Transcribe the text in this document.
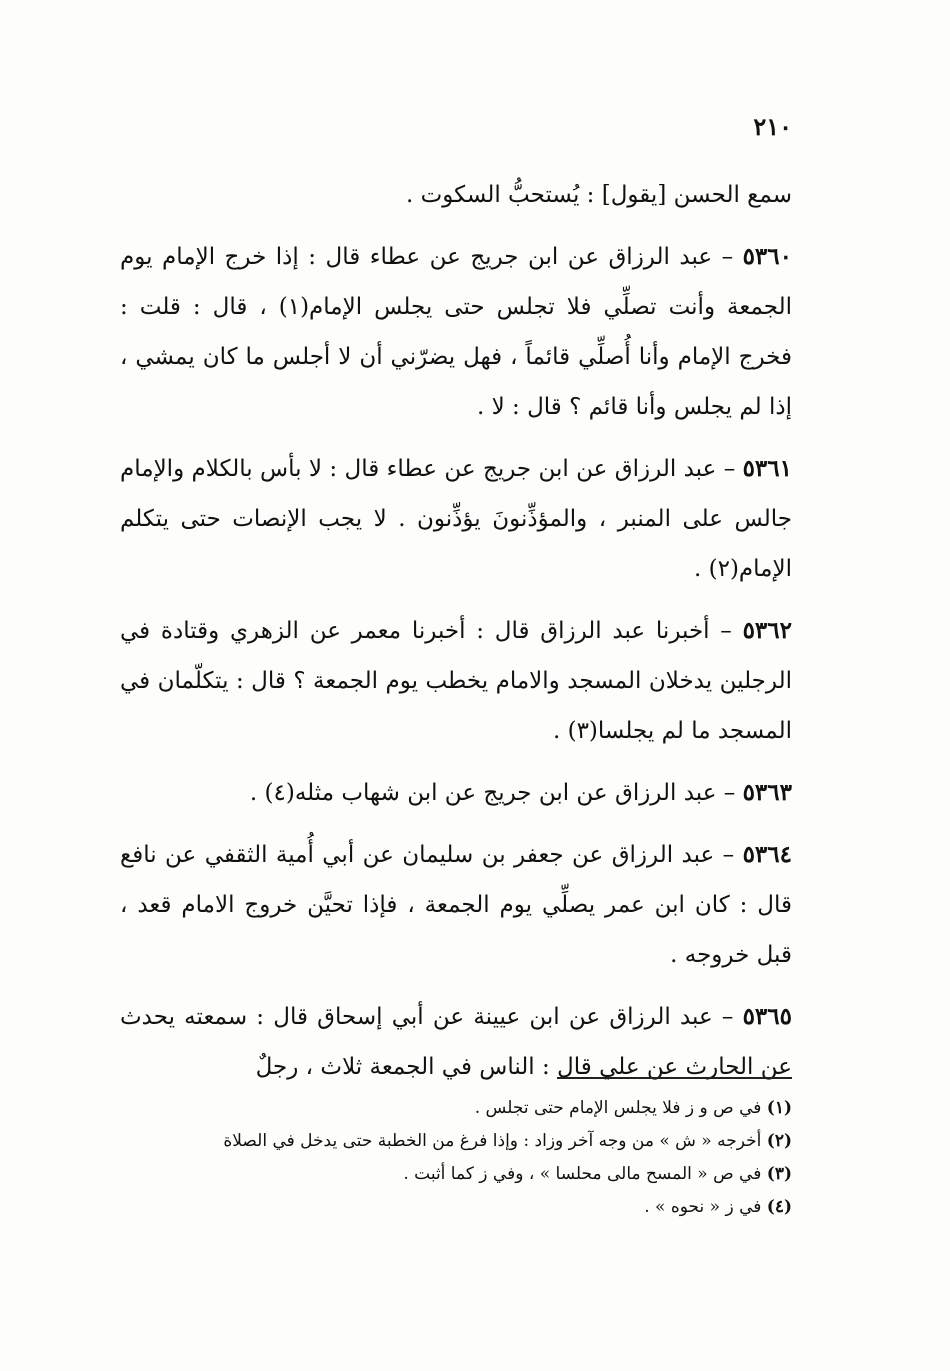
٢١٠

سمع الحسن [يقول] : يُستحبُّ السكوت .

٥٣٦٠ – عبد الرزاق عن ابن جريج عن عطاء قال : إذا خرج الإمام يوم الجمعة وأنت تصلِّي فلا تجلس حتى يجلس الإمام(١) ، قال : قلت : فخرج الإمام وأنا أُصلِّي قائماً ، فهل يضرّني أن لا أجلس ما كان يمشي ، إذا لم يجلس وأنا قائم ؟ قال : لا .

٥٣٦١ – عبد الرزاق عن ابن جريج عن عطاء قال : لا بأس بالكلام والإمام جالس على المنبر ، والمؤذِّنونَ يؤذِّنون . لا يجب الإنصات حتى يتكلم الإمام(٢) .

٥٣٦٢ – أخبرنا عبد الرزاق قال : أخبرنا معمر عن الزهري وقتادة في الرجلين يدخلان المسجد والامام يخطب يوم الجمعة ؟ قال : يتكلّمان في المسجد ما لم يجلسا(٣) .

٥٣٦٣ – عبد الرزاق عن ابن جريج عن ابن شهاب مثله(٤) .

٥٣٦٤ – عبد الرزاق عن جعفر بن سليمان عن أبي أُمية الثقفي عن نافع قال : كان ابن عمر يصلِّي يوم الجمعة ، فإذا تحيَّن خروج الامام قعد ، قبل خروجه .

٥٣٦٥ – عبد الرزاق عن ابن عيينة عن أبي إسحاق قال : سمعته يحدث عن الحارث عن علي قال : الناس في الجمعة ثلاث ، رجلٌ

(١) في ص و ز فلا يجلس الإمام حتى تجلس .

(٢) أخرجه « ش » من وجه آخر وزاد : وإذا فرغ من الخطبة حتى يدخل في الصلاة

(٣) في ص « المسح مالى محلسا » ، وفي ز كما أثبت .

(٤) في ز « نحوه » .
